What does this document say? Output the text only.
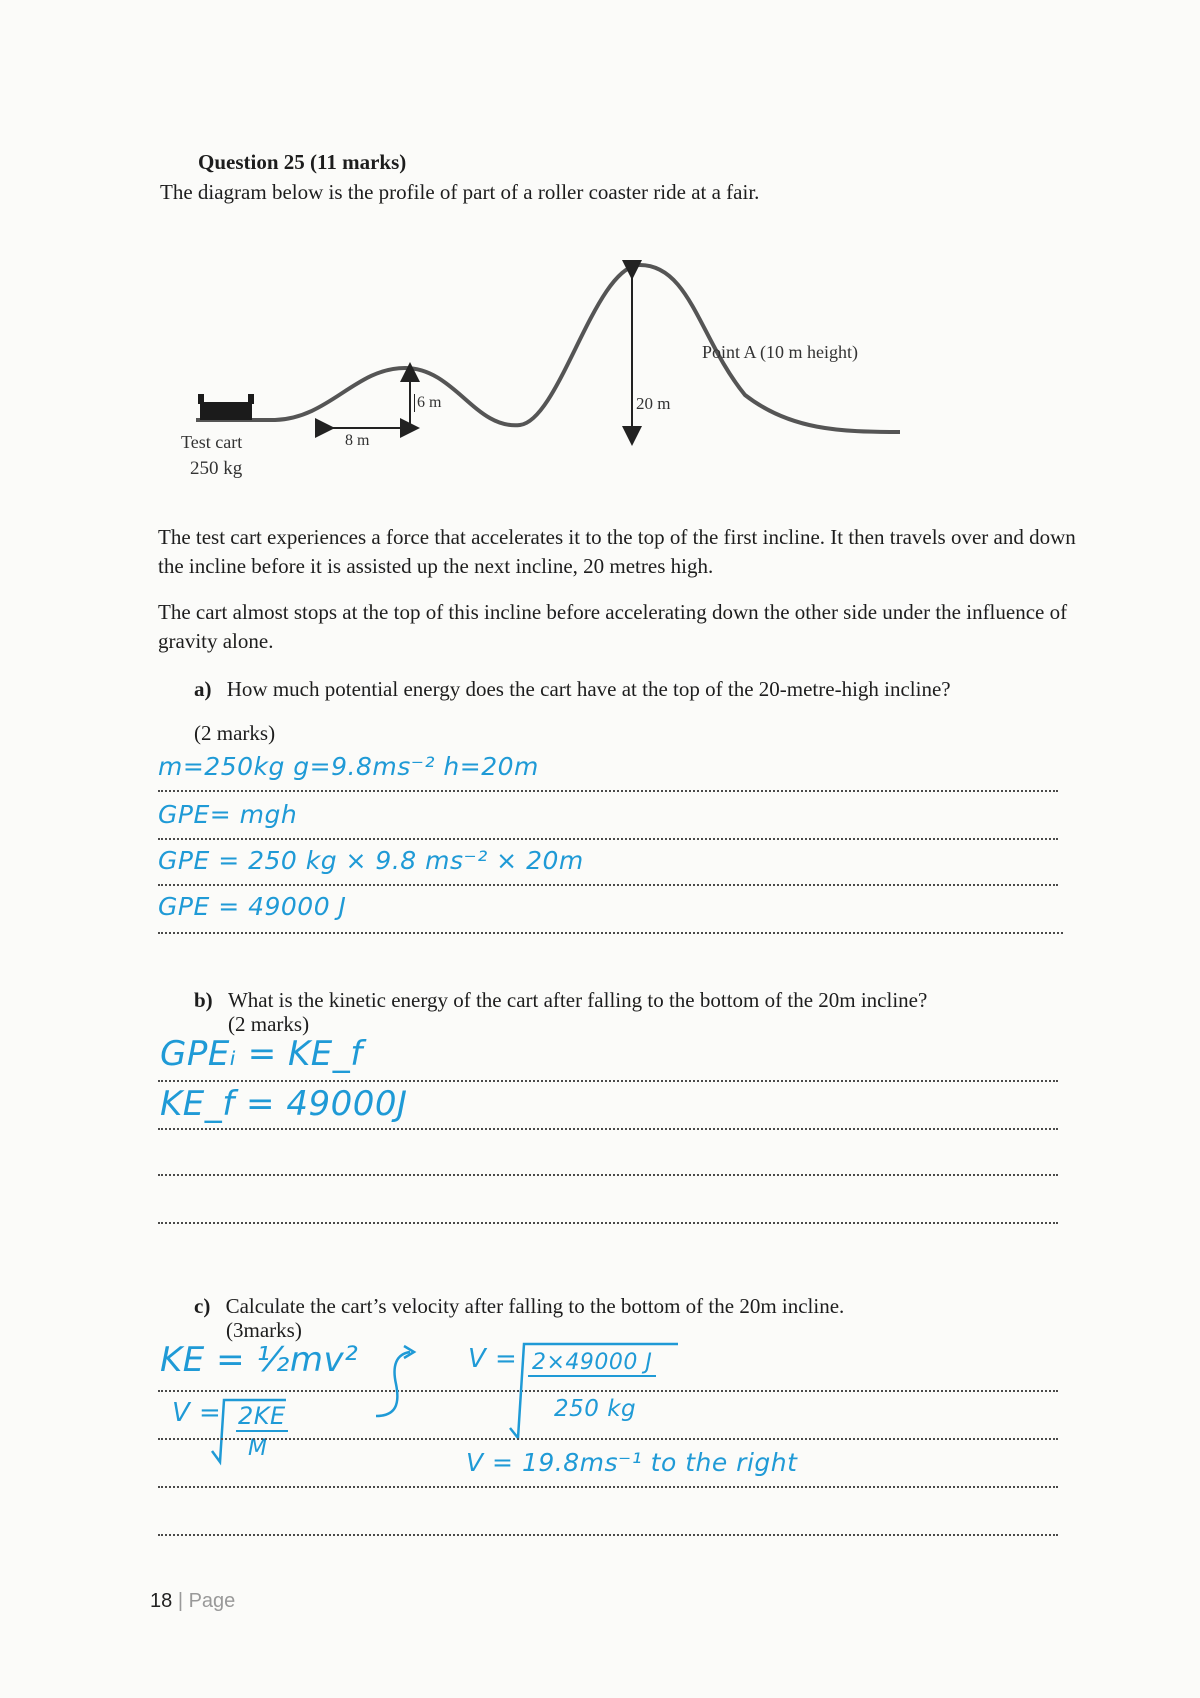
Question 25 (11 marks)
The diagram below is the profile of part of a roller coaster ride at a fair.
Test cart
250 kg
8 m
6 m	20 m
Point A (10 m height)
The test cart experiences a force that accelerates it to the top of the first incline. It then travels over and down the incline before it is assisted up the next incline, 20 metres high.
The cart almost stops at the top of this incline before accelerating down the other side under the influence of gravity alone.
a) How much potential energy does the cart have at the top of the 20-metre-high incline?
(2 marks)
m=250kg g=9.8ms⁻² h=20m
GPE= mgh
GPE = 250 kg × 9.8 ms⁻² × 20m
GPE = 49000 J
b) What is the kinetic energy of the cart after falling to the bottom of the 20m incline?
(2 marks)
GPEᵢ = KE_f
KE_f = 49000J
c) Calculate the cart’s velocity after falling to the bottom of the 20m incline.
(3marks)
KE = ½mv²
V = 2KE
M
V = 2×49000 J
250 kg
V = 19.8ms⁻¹ to the right
18 | Page
